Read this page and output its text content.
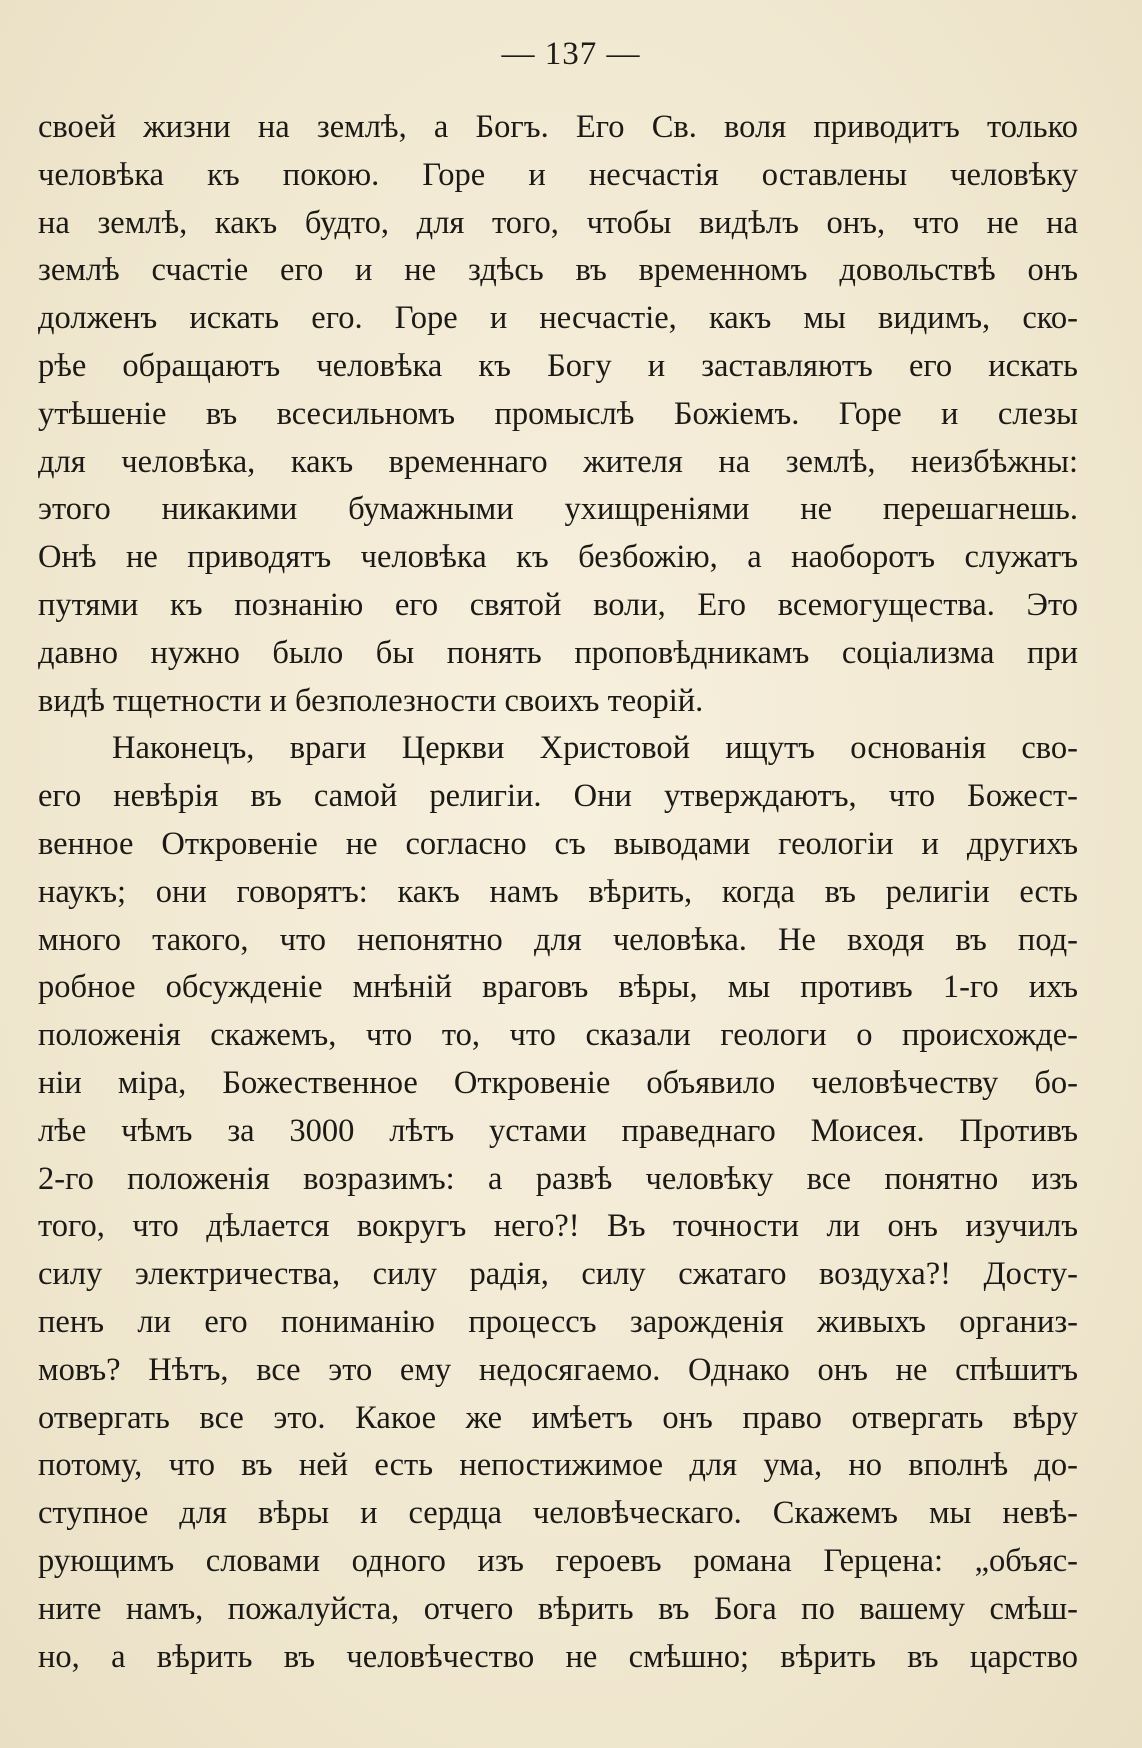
— 137 —
своей жизни на землѣ, а Богъ. Его Св. воля приводитъ только
человѣка къ покою. Горе и несчастія оставлены человѣку
на землѣ, какъ будто, для того, чтобы видѣлъ онъ, что не на
землѣ счастіе его и не здѣсь въ временномъ довольствѣ онъ
долженъ искать его. Горе и несчастіе, какъ мы видимъ, ско-
рѣе обращаютъ человѣка къ Богу и заставляютъ его искать
утѣшеніе въ всесильномъ промыслѣ Божіемъ. Горе и слезы
для человѣка, какъ временнаго жителя на землѣ, неизбѣжны:
этого никакими бумажными ухищреніями не перешагнешь.
Онѣ не приводятъ человѣка къ безбожію, а наоборотъ служатъ
путями къ познанію его святой воли, Его всемогущества. Это
давно нужно было бы понять проповѣдникамъ соціализма при
видѣ тщетности и безполезности своихъ теорій.
Наконецъ, враги Церкви Христовой ищутъ основанія сво-
его невѣрія въ самой религіи. Они утверждаютъ, что Божест-
венное Откровеніе не согласно съ выводами геологіи и другихъ
наукъ; они говорятъ: какъ намъ вѣрить, когда въ религіи есть
много такого, что непонятно для человѣка. Не входя въ под-
робное обсужденіе мнѣній враговъ вѣры, мы противъ 1-го ихъ
положенія скажемъ, что то, что сказали геологи о происхожде-
ніи міра, Божественное Откровеніе объявило человѣчеству бо-
лѣе чѣмъ за 3000 лѣтъ устами праведнаго Моисея. Противъ
2-го положенія возразимъ: а развѣ человѣку все понятно изъ
того, что дѣлается вокругъ него?! Въ точности ли онъ изучилъ
силу электричества, силу радія, силу сжатаго воздуха?! Досту-
пенъ ли его пониманію процессъ зарожденія живыхъ организ-
мовъ? Нѣтъ, все это ему недосягаемо. Однако онъ не спѣшитъ
отвергать все это. Какое же имѣетъ онъ право отвергать вѣру
потому, что въ ней есть непостижимое для ума, но вполнѣ до-
ступное для вѣры и сердца человѣческаго. Скажемъ мы невѣ-
рующимъ словами одного изъ героевъ романа Герцена: „объяс-
ните намъ, пожалуйста, отчего вѣрить въ Бога по вашему смѣш-
но, а вѣрить въ человѣчество не смѣшно; вѣрить въ царство
